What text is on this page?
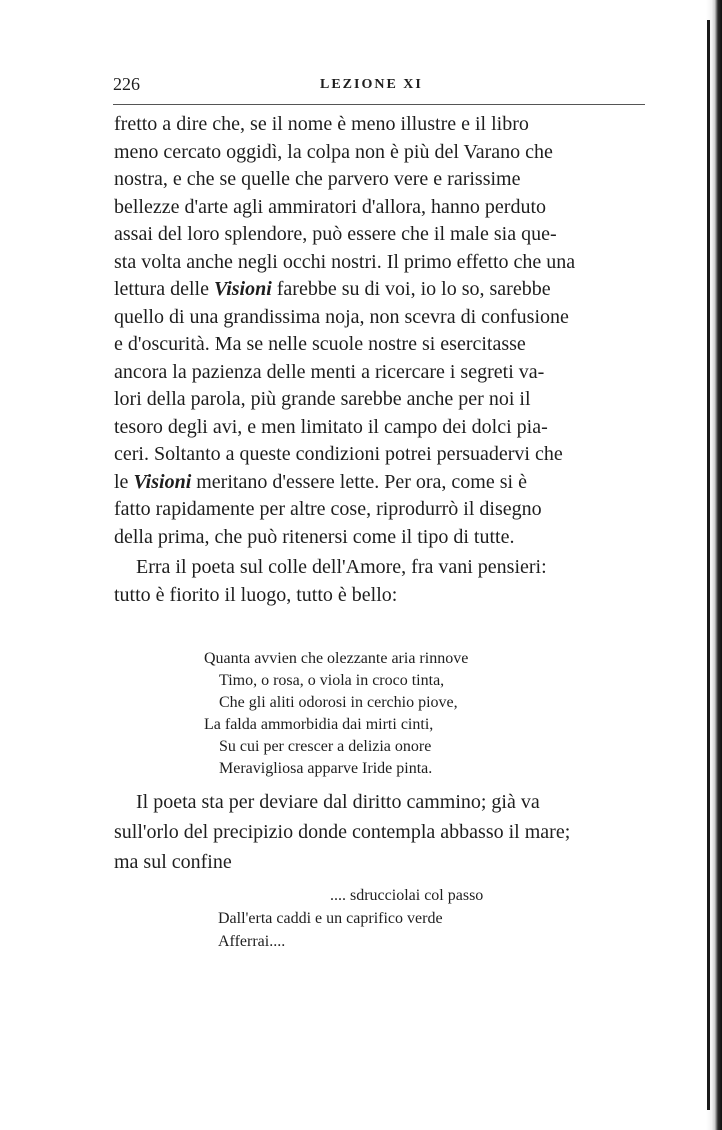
226	LEZIONE XI
fretto a dire che, se il nome è meno illustre e il libro
meno cercato oggidì, la colpa non è più del Varano che
nostra, e che se quelle che parvero vere e rarissime
bellezze d'arte agli ammiratori d'allora, hanno perduto
assai del loro splendore, può essere che il male sia que-
sta volta anche negli occhi nostri. Il primo effetto che una
lettura delle Visioni farebbe su di voi, io lo so, sarebbe
quello di una grandissima noja, non scevra di confusione
e d'oscurità. Ma se nelle scuole nostre si esercitasse
ancora la pazienza delle menti a ricercare i segreti va-
lori della parola, più grande sarebbe anche per noi il
tesoro degli avi, e men limitato il campo dei dolci pia-
ceri. Soltanto a queste condizioni potrei persuadervi che
le Visioni meritano d'essere lette. Per ora, come si è
fatto rapidamente per altre cose, riprodurrò il disegno
della prima, che può ritenersi come il tipo di tutte.
Erra il poeta sul colle dell'Amore, fra vani pensieri:
tutto è fiorito il luogo, tutto è bello:
Quanta avvien che olezzante aria rinnove
Timo, o rosa, o viola in croco tinta,
Che gli aliti odorosi in cerchio piove,
La falda ammorbidia dai mirti cinti,
Su cui per crescer a delizia onore
Meravigliosa apparve Iride pinta.
Il poeta sta per deviare dal diritto cammino; già va
sull'orlo del precipizio donde contempla abbasso il mare;
ma sul confine
.... sdrucciolai col passo
Dall'erta caddi e un caprifico verde
Afferrai....
